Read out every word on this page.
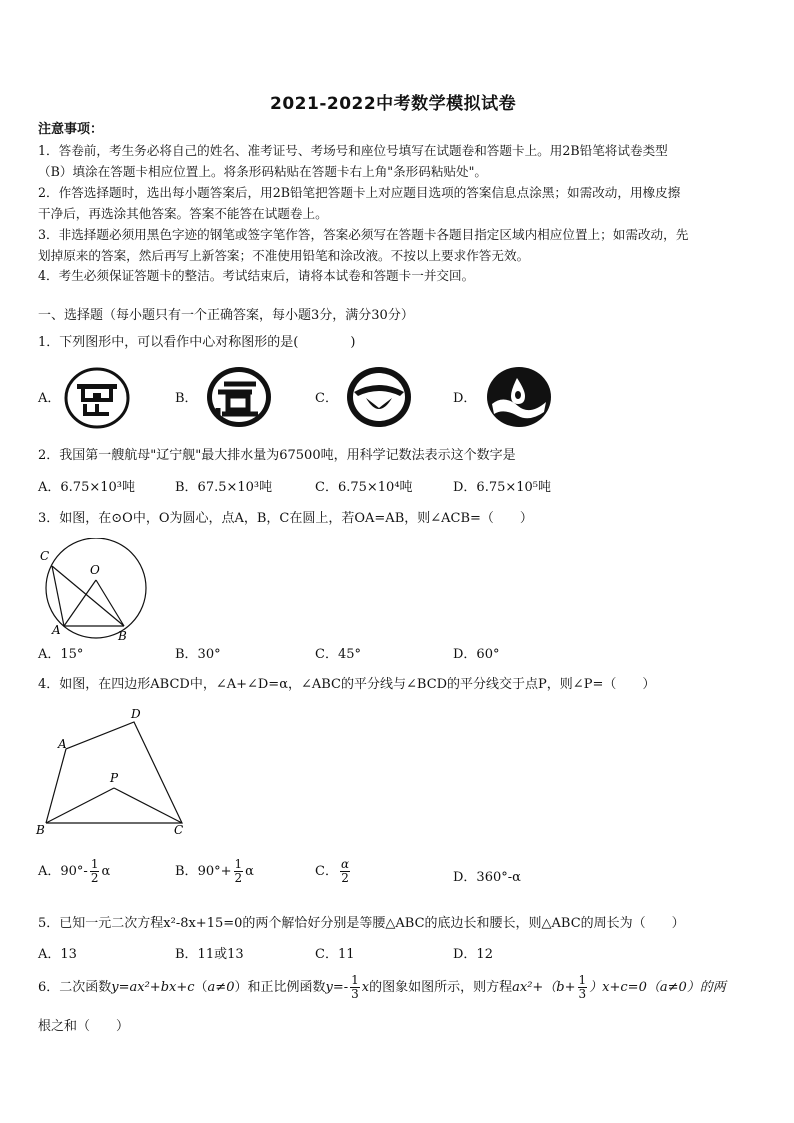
2021-2022中考数学模拟试卷
注意事项：
1．答卷前，考生务必将自己的姓名、准考证号、考场号和座位号填写在试题卷和答题卡上。用2B铅笔将试卷类型
（B）填涂在答题卡相应位置上。将条形码粘贴在答题卡右上角"条形码粘贴处"。
2．作答选择题时，选出每小题答案后，用2B铅笔把答题卡上对应题目选项的答案信息点涂黑；如需改动，用橡皮擦
干净后，再选涂其他答案。答案不能答在试题卷上。
3．非选择题必须用黑色字迹的钢笔或签字笔作答，答案必须写在答题卡各题目指定区域内相应位置上；如需改动，先
划掉原来的答案，然后再写上新答案；不准使用铅笔和涂改液。不按以上要求作答无效。
4．考生必须保证答题卡的整洁。考试结束后，请将本试卷和答题卡一并交回。
一、选择题（每小题只有一个正确答案，每小题3分，满分30分）
1．下列图形中，可以看作中心对称图形的是(　　　　)
A．	B．	C．	D．
2．我国第一艘航母"辽宁舰"最大排水量为67500吨，用科学记数法表示这个数字是
A．6.75×10³吨	B．67.5×10³吨	C．6.75×10⁴吨	D．6.75×10⁵吨
3．如图，在⊙O中，O为圆心，点A，B，C在圆上，若OA=AB，则∠ACB=（　　）
C
O
A	B
A．15°	B．30°	C．45°	D．60°
4．如图，在四边形ABCD中，∠A+∠D=α，∠ABC的平分线与∠BCD的平分线交于点P，则∠P=（　　）
D
A
P
B	C
A．$90^\circ- \frac{1}{2}$ α	B．$90^\circ+ \frac{1}{2}$ α	C． $\frac{\alpha}{2}$	D．360°-α
5．已知一元二次方程x²-8x+15=0的两个解恰好分别是等腰△ABC的底边长和腰长，则△ABC的周长为（　　）
A．13	B．11或13	C．11	D．12
6．二次函数y=ax²+bx+c（a≠0）和正比例函数$y=- \frac{1}{3}$ x的图象如图所示，则方程$ax^2+(b+ \frac{1}{3} )x+c=0(a\ne 0)$的两
根之和（　　）
